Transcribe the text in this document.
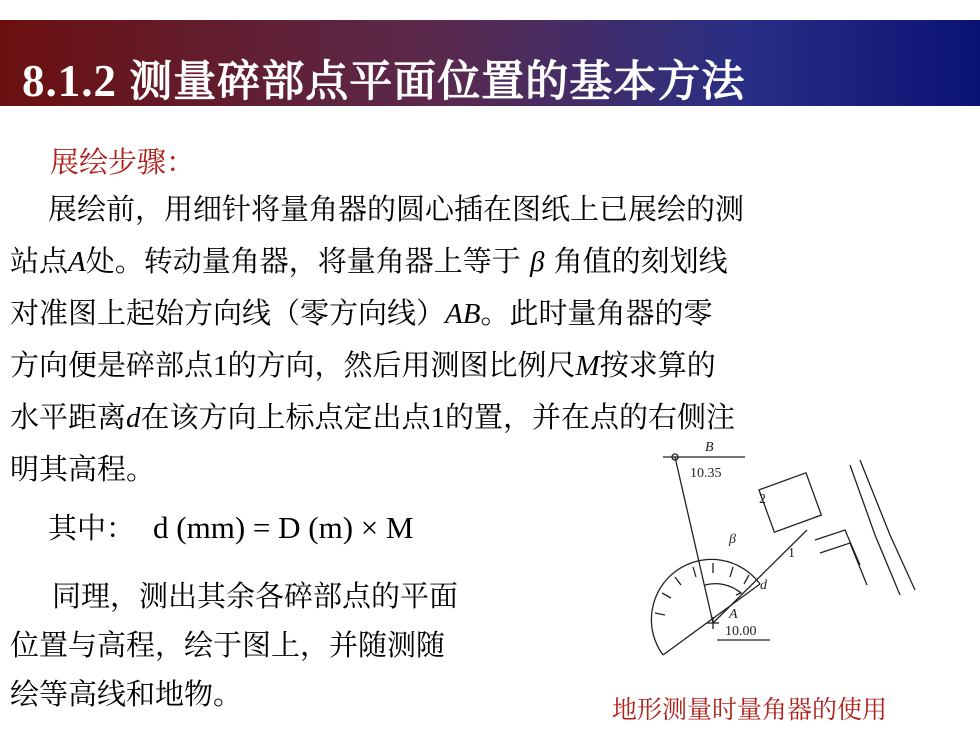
8.1.2 测量碎部点平面位置的基本方法
展绘步骤：
展绘前，用细针将量角器的圆心插在图纸上已展绘的测
站点A处。转动量角器，将量角器上等于 β 角值的刻划线
对准图上起始方向线（零方向线）AB。此时量角器的零
方向便是碎部点1的方向，然后用测图比例尺M按求算的
水平距离d在该方向上标点定出点1的置，并在点的右侧注
明其高程。
其中： d (mm) = D (m) × M
同理，测出其余各碎部点的平面
位置与高程，绘于图上，并随测随
绘等高线和地物。
B
10.35
2
β
1
d
A
10.00
地形测量时量角器的使用
